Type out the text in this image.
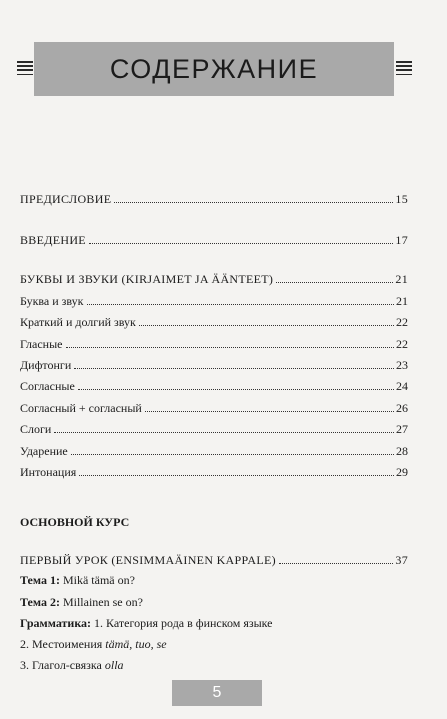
СОДЕРЖАНИЕ
ПРЕДИСЛОВИЕ	15
ВВЕДЕНИЕ	17
БУКВЫ И ЗВУКИ (KIRJAIMET JA ÄÄNTEET)	21
Буква и звук	21
Краткий и долгий звук	22
Гласные	22
Дифтонги	23
Согласные	24
Согласный + согласный	26
Слоги	27
Ударение	28
Интонация	29
ОСНОВНОЙ КУРС
ПЕРВЫЙ УРОК (ENSIMMAÄINEN KAPPALE)	37
Тема 1: Mikä tämä on?
Тема 2: Millainen se on?
Грамматика: 1. Категория рода в финском языке
2. Местоимения tämä, tuo, se
3. Глагол-связка olla
5
